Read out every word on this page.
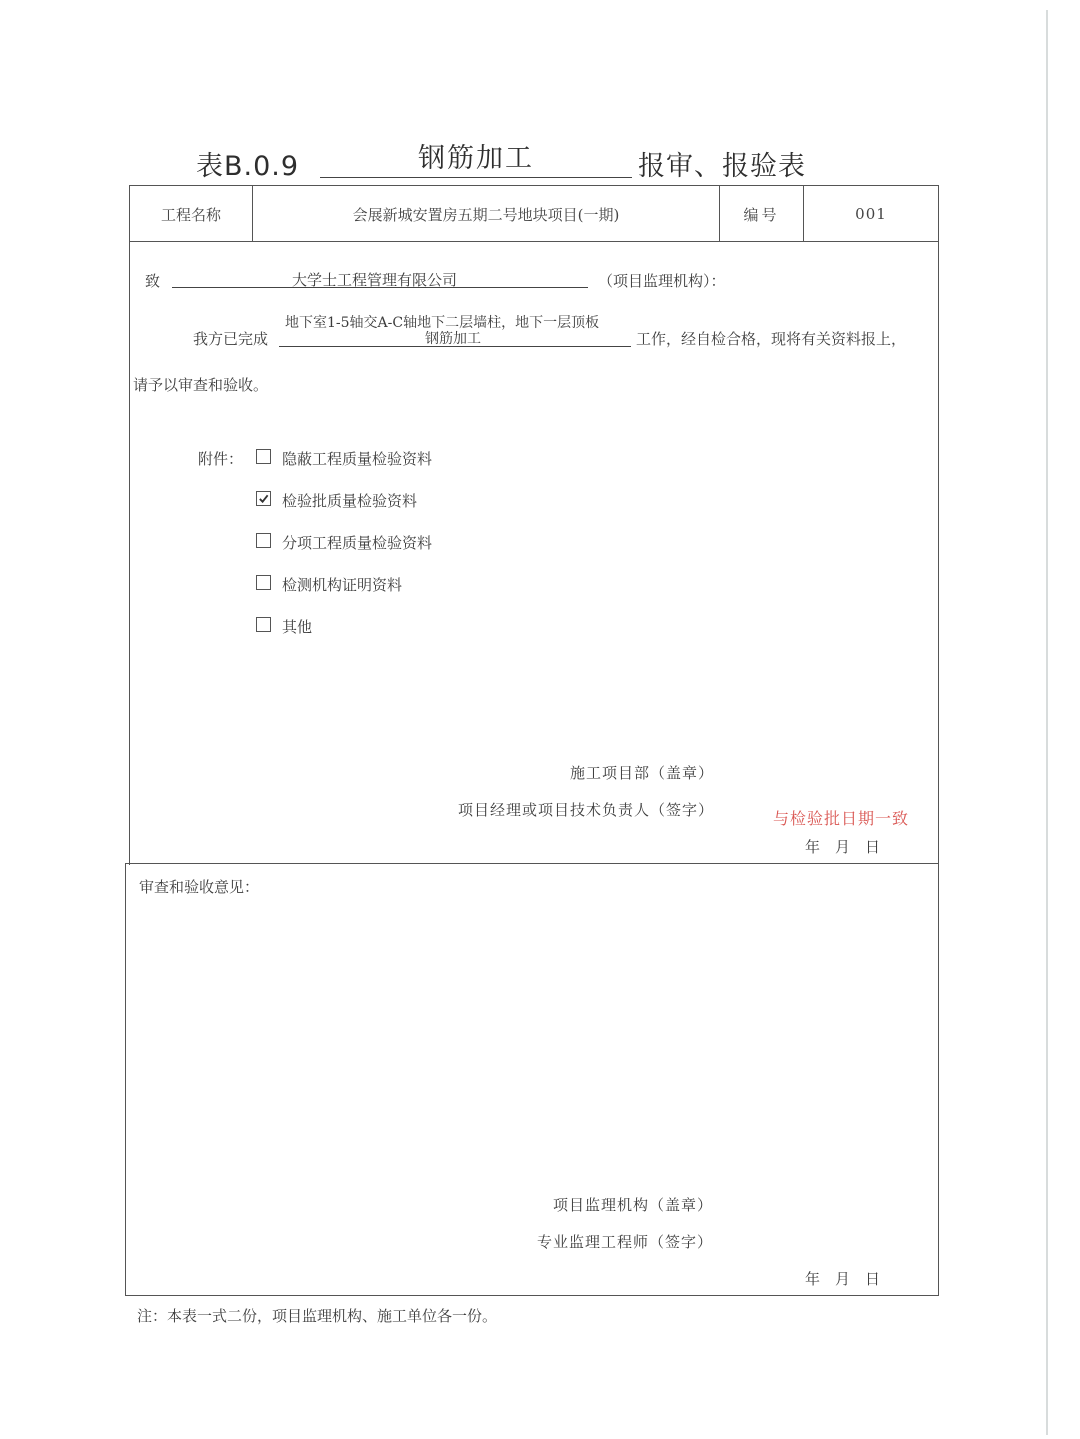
表B.0.9	钢筋加工	报审、报验表
工程名称	会展新城安置房五期二号地块项目(一期)	编号	001
致	大学士工程管理有限公司	（项目监理机构）：
我方已完成
地下室1-5轴交A-C轴地下二层墙柱，地下一层顶板
钢筋加工	工作，经自检合格，现将有关资料报上，
请予以审查和验收。
附件：	隐蔽工程质量检验资料
检验批质量检验资料
分项工程质量检验资料
检测机构证明资料
其他
施工项目部（盖章）
项目经理或项目技术负责人（签字）	与检验批日期一致
年　月　日
审查和验收意见：
项目监理机构（盖章）
专业监理工程师（签字）
年　月　日
注：本表一式二份，项目监理机构、施工单位各一份。
